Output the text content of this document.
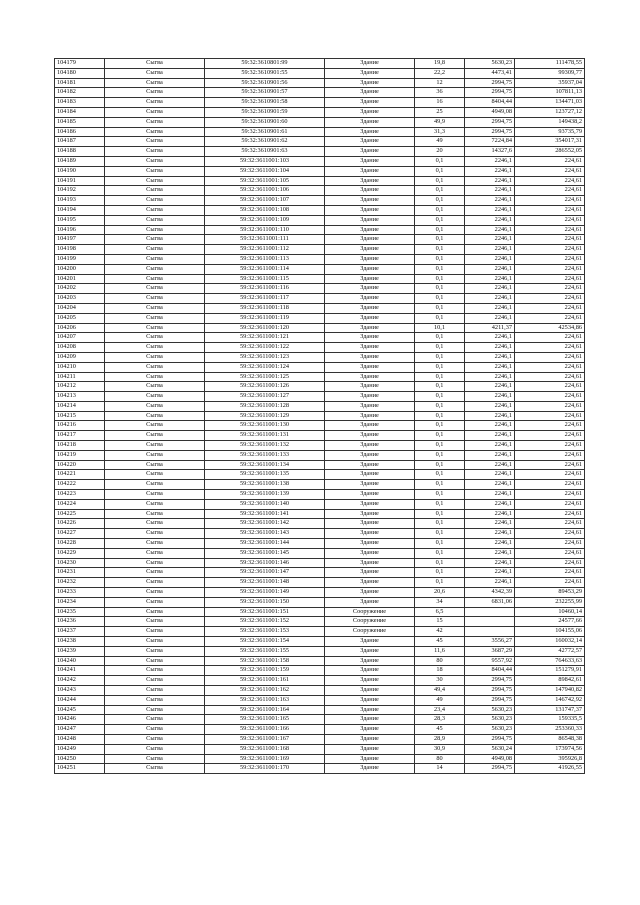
104179	Сыгва	59:32:3610801:99	Здание	19,8	5630,23	111478,55
104180	Сыгва	59:32:3610901:55	Здание	22,2	4473,41	99309,77
104181	Сыгва	59:32:3610901:56	Здание	12	2994,75	35937,04
104182	Сыгва	59:32:3610901:57	Здание	36	2994,75	107811,13
104183	Сыгва	59:32:3610901:58	Здание	16	8404,44	134471,03
104184	Сыгва	59:32:3610901:59	Здание	25	4949,08	123727,12
104185	Сыгва	59:32:3610901:60	Здание	49,9	2994,75	149438,2
104186	Сыгва	59:32:3610901:61	Здание	31,3	2994,75	93735,79
104187	Сыгва	59:32:3610901:62	Здание	49	7224,84	354017,31
104188	Сыгва	59:32:3610901:63	Здание	20	14327,6	286552,05
104189	Сыгва	59:32:3611001:103	Здание	0,1	2246,1	224,61
104190	Сыгва	59:32:3611001:104	Здание	0,1	2246,1	224,61
104191	Сыгва	59:32:3611001:105	Здание	0,1	2246,1	224,61
104192	Сыгва	59:32:3611001:106	Здание	0,1	2246,1	224,61
104193	Сыгва	59:32:3611001:107	Здание	0,1	2246,1	224,61
104194	Сыгва	59:32:3611001:108	Здание	0,1	2246,1	224,61
104195	Сыгва	59:32:3611001:109	Здание	0,1	2246,1	224,61
104196	Сыгва	59:32:3611001:110	Здание	0,1	2246,1	224,61
104197	Сыгва	59:32:3611001:111	Здание	0,1	2246,1	224,61
104198	Сыгва	59:32:3611001:112	Здание	0,1	2246,1	224,61
104199	Сыгва	59:32:3611001:113	Здание	0,1	2246,1	224,61
104200	Сыгва	59:32:3611001:114	Здание	0,1	2246,1	224,61
104201	Сыгва	59:32:3611001:115	Здание	0,1	2246,1	224,61
104202	Сыгва	59:32:3611001:116	Здание	0,1	2246,1	224,61
104203	Сыгва	59:32:3611001:117	Здание	0,1	2246,1	224,61
104204	Сыгва	59:32:3611001:118	Здание	0,1	2246,1	224,61
104205	Сыгва	59:32:3611001:119	Здание	0,1	2246,1	224,61
104206	Сыгва	59:32:3611001:120	Здание	10,1	4211,37	42534,86
104207	Сыгва	59:32:3611001:121	Здание	0,1	2246,1	224,61
104208	Сыгва	59:32:3611001:122	Здание	0,1	2246,1	224,61
104209	Сыгва	59:32:3611001:123	Здание	0,1	2246,1	224,61
104210	Сыгва	59:32:3611001:124	Здание	0,1	2246,1	224,61
104211	Сыгва	59:32:3611001:125	Здание	0,1	2246,1	224,61
104212	Сыгва	59:32:3611001:126	Здание	0,1	2246,1	224,61
104213	Сыгва	59:32:3611001:127	Здание	0,1	2246,1	224,61
104214	Сыгва	59:32:3611001:128	Здание	0,1	2246,1	224,61
104215	Сыгва	59:32:3611001:129	Здание	0,1	2246,1	224,61
104216	Сыгва	59:32:3611001:130	Здание	0,1	2246,1	224,61
104217	Сыгва	59:32:3611001:131	Здание	0,1	2246,1	224,61
104218	Сыгва	59:32:3611001:132	Здание	0,1	2246,1	224,61
104219	Сыгва	59:32:3611001:133	Здание	0,1	2246,1	224,61
104220	Сыгва	59:32:3611001:134	Здание	0,1	2246,1	224,61
104221	Сыгва	59:32:3611001:135	Здание	0,1	2246,1	224,61
104222	Сыгва	59:32:3611001:138	Здание	0,1	2246,1	224,61
104223	Сыгва	59:32:3611001:139	Здание	0,1	2246,1	224,61
104224	Сыгва	59:32:3611001:140	Здание	0,1	2246,1	224,61
104225	Сыгва	59:32:3611001:141	Здание	0,1	2246,1	224,61
104226	Сыгва	59:32:3611001:142	Здание	0,1	2246,1	224,61
104227	Сыгва	59:32:3611001:143	Здание	0,1	2246,1	224,61
104228	Сыгва	59:32:3611001:144	Здание	0,1	2246,1	224,61
104229	Сыгва	59:32:3611001:145	Здание	0,1	2246,1	224,61
104230	Сыгва	59:32:3611001:146	Здание	0,1	2246,1	224,61
104231	Сыгва	59:32:3611001:147	Здание	0,1	2246,1	224,61
104232	Сыгва	59:32:3611001:148	Здание	0,1	2246,1	224,61
104233	Сыгва	59:32:3611001:149	Здание	20,6	4342,39	89453,29
104234	Сыгва	59:32:3611001:150	Здание	34	6831,06	232255,99
104235	Сыгва	59:32:3611001:151	Сооружение	6,5		10460,14
104236	Сыгва	59:32:3611001:152	Сооружение	15		24577,66
104237	Сыгва	59:32:3611001:153	Сооружение	42		104155,06
104238	Сыгва	59:32:3611001:154	Здание	45	3556,27	160032,14
104239	Сыгва	59:32:3611001:155	Здание	11,6	3687,29	42772,57
104240	Сыгва	59:32:3611001:158	Здание	80	9557,92	764633,63
104241	Сыгва	59:32:3611001:159	Здание	18	8404,44	151279,91
104242	Сыгва	59:32:3611001:161	Здание	30	2994,75	89842,61
104243	Сыгва	59:32:3611001:162	Здание	49,4	2994,75	147940,82
104244	Сыгва	59:32:3611001:163	Здание	49	2994,75	146742,92
104245	Сыгва	59:32:3611001:164	Здание	23,4	5630,23	131747,37
104246	Сыгва	59:32:3611001:165	Здание	28,3	5630,23	159335,5
104247	Сыгва	59:32:3611001:166	Здание	45	5630,23	253360,33
104248	Сыгва	59:32:3611001:167	Здание	28,9	2994,75	86548,38
104249	Сыгва	59:32:3611001:168	Здание	30,9	5630,24	173974,56
104250	Сыгва	59:32:3611001:169	Здание	80	4949,08	395926,8
104251	Сыгва	59:32:3611001:170	Здание	14	2994,75	41926,55
